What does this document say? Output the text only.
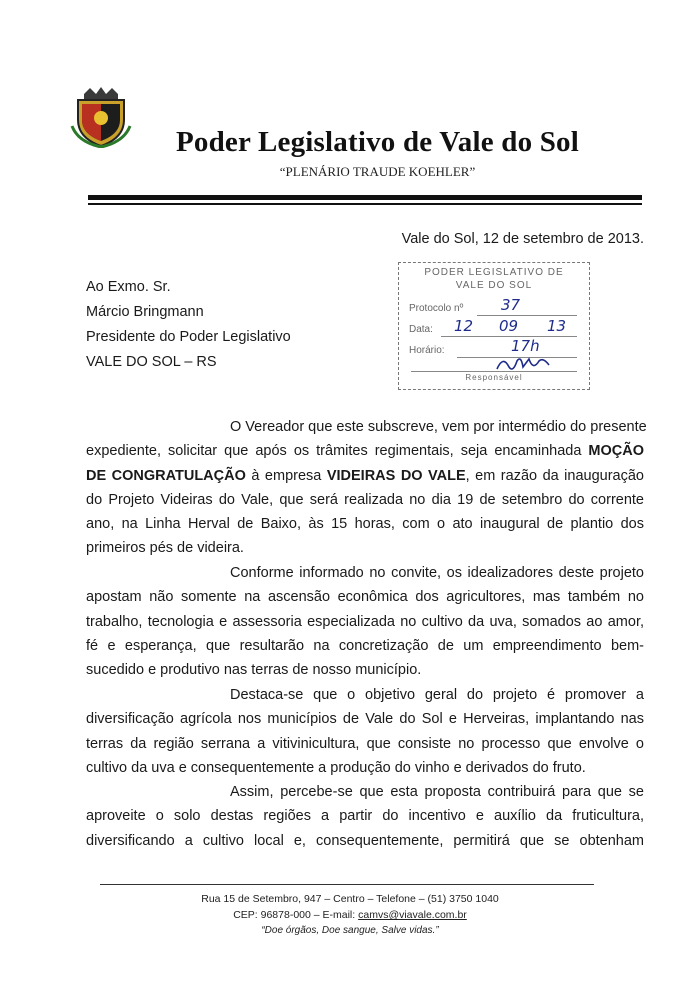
Poder Legislativo de Vale do Sol
“PLENÁRIO TRAUDE KOEHLER”
Vale do Sol, 12 de setembro de 2013.
Ao Exmo. Sr.
Márcio Bringmann
Presidente do Poder Legislativo
VALE DO SOL – RS
PODER LEGISLATIVO DE
VALE DO SOL
Protocolo nº	37
Data: 12 09 13
Horário:	17h
Responsável
O Vereador que este subscreve, vem por intermédio do presente
expediente, solicitar que após os trâmites regimentais, seja encaminhada MOÇÃO
DE CONGRATULAÇÃO à empresa VIDEIRAS DO VALE, em razão da inauguração
do Projeto Videiras do Vale, que será realizada no dia 19 de setembro do corrente
ano, na Linha Herval de Baixo, às 15 horas, com o ato inaugural de plantio dos
primeiros pés de videira.
Conforme informado no convite, os idealizadores deste projeto
apostam não somente na ascensão econômica dos agricultores, mas também no
trabalho, tecnologia e assessoria especializada no cultivo da uva, somados ao amor,
fé e esperança, que resultarão na concretização de um empreendimento bem-
sucedido e produtivo nas terras de nosso município.
Destaca-se que o objetivo geral do projeto é promover a
diversificação agrícola nos municípios de Vale do Sol e Herveiras, implantando nas
terras da região serrana a vitivinicultura, que consiste no processo que envolve o
cultivo da uva e consequentemente a produção do vinho e derivados do fruto.
Assim, percebe-se que esta proposta contribuirá para que se
aproveite o solo destas regiões a partir do incentivo e auxílio da fruticultura,
diversificando a cultivo local e, consequentemente, permitirá que se obtenham
Rua 15 de Setembro, 947 – Centro – Telefone – (51) 3750 1040
CEP: 96878-000 – E-mail: camvs@viavale.com.br
“Doe órgãos, Doe sangue, Salve vidas.”
